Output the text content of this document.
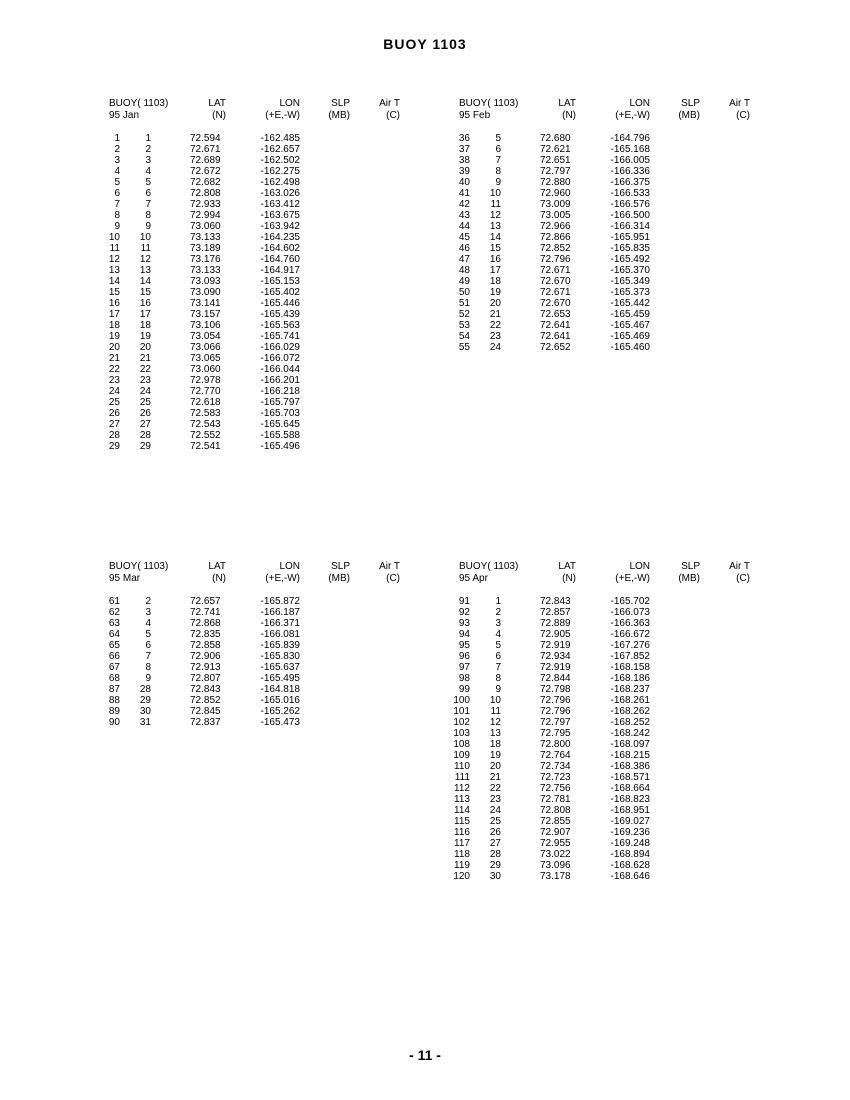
BUOY 1103
BUOY( 1103)	LAT	LON	SLP	Air T
95 Jan	(N)	(+E,-W)	(MB)	(C)
1	1	72.594	-162.485
2	2	72.671	-162.657
3	3	72.689	-162.502
4	4	72.672	-162.275
5	5	72.682	-162.498
6	6	72.808	-163.026
7	7	72.933	-163.412
8	8	72.994	-163.675
9	9	73.060	-163.942
10	10	73.133	-164.235
11	11	73.189	-164.602
12	12	73.176	-164.760
13	13	73.133	-164.917
14	14	73.093	-165.153
15	15	73.090	-165.402
16	16	73.141	-165.446
17	17	73.157	-165.439
18	18	73.106	-165.563
19	19	73.054	-165.741
20	20	73.066	-166.029
21	21	73.065	-166.072
22	22	73.060	-166.044
23	23	72.978	-166.201
24	24	72.770	-166.218
25	25	72.618	-165.797
26	26	72.583	-165.703
27	27	72.543	-165.645
28	28	72.552	-165.588
29	29	72.541	-165.496
BUOY( 1103)	LAT	LON	SLP	Air T
95 Feb	(N)	(+E,-W)	(MB)	(C)
36	5	72.680	-164.796
37	6	72.621	-165.168
38	7	72.651	-166.005
39	8	72.797	-166.336
40	9	72.880	-166.375
41	10	72.960	-166.533
42	11	73.009	-166.576
43	12	73.005	-166.500
44	13	72.966	-166.314
45	14	72.866	-165.951
46	15	72.852	-165.835
47	16	72.796	-165.492
48	17	72.671	-165.370
49	18	72.670	-165.349
50	19	72.671	-165.373
51	20	72.670	-165.442
52	21	72.653	-165.459
53	22	72.641	-165.467
54	23	72.641	-165.469
55	24	72.652	-165.460
BUOY( 1103)	LAT	LON	SLP	Air T
95 Mar	(N)	(+E,-W)	(MB)	(C)
61	2	72.657	-165.872
62	3	72.741	-166.187
63	4	72.868	-166.371
64	5	72.835	-166.081
65	6	72.858	-165.839
66	7	72.906	-165.830
67	8	72.913	-165.637
68	9	72.807	-165.495
87	28	72.843	-164.818
88	29	72.852	-165.016
89	30	72.845	-165.262
90	31	72.837	-165.473
BUOY( 1103)	LAT	LON	SLP	Air T
95 Apr	(N)	(+E,-W)	(MB)	(C)
91	1	72.843	-165.702
92	2	72.857	-166.073
93	3	72.889	-166.363
94	4	72.905	-166.672
95	5	72.919	-167.276
96	6	72.934	-167.852
97	7	72.919	-168.158
98	8	72.844	-168.186
99	9	72.798	-168.237
100	10	72.796	-168.261
101	11	72.796	-168.262
102	12	72.797	-168.252
103	13	72.795	-168.242
108	18	72.800	-168.097
109	19	72.764	-168.215
110	20	72.734	-168.386
111	21	72.723	-168.571
112	22	72.756	-168.664
113	23	72.781	-168.823
114	24	72.808	-168.951
115	25	72.855	-169.027
116	26	72.907	-169.236
117	27	72.955	-169.248
118	28	73.022	-168.894
119	29	73.096	-168.628
120	30	73.178	-168.646
- 11 -
